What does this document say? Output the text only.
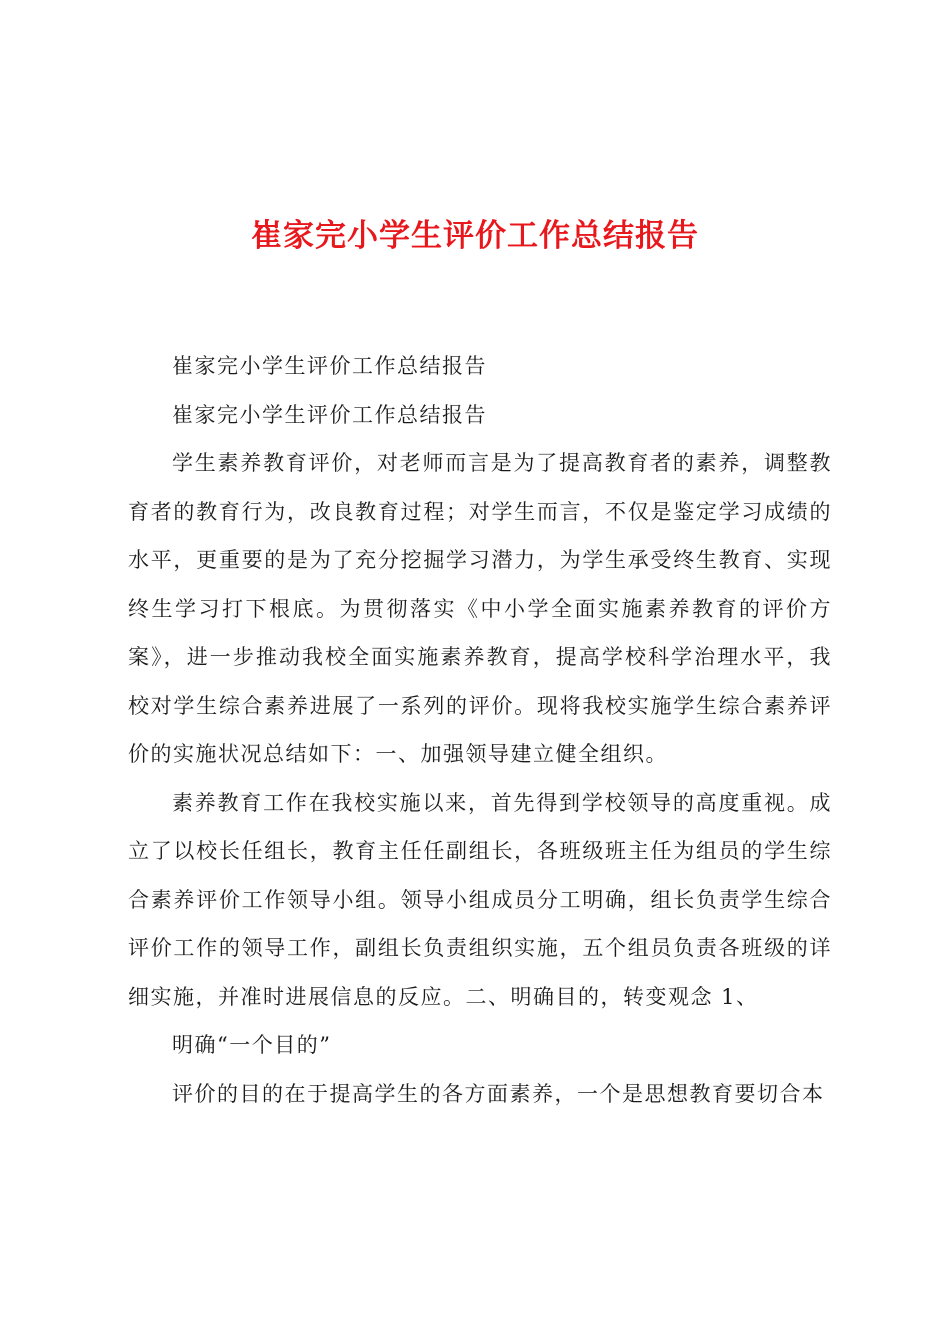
崔家完小学生评价工作总结报告

崔家完小学生评价工作总结报告

崔家完小学生评价工作总结报告

学生素养教育评价，对老师而言是为了提高教育者的素养，调整教育者的教育行为，改良教育过程；对学生而言，不仅是鉴定学习成绩的水平，更重要的是为了充分挖掘学习潜力，为学生承受终生教育、实现终生学习打下根底。为贯彻落实《中小学全面实施素养教育的评价方案》，进一步推动我校全面实施素养教育，提高学校科学治理水平，我校对学生综合素养进展了一系列的评价。现将我校实施学生综合素养评价的实施状况总结如下：一、加强领导建立健全组织。

素养教育工作在我校实施以来，首先得到学校领导的高度重视。成立了以校长任组长，教育主任任副组长，各班级班主任为组员的学生综合素养评价工作领导小组。领导小组成员分工明确，组长负责学生综合评价工作的领导工作，副组长负责组织实施，五个组员负责各班级的详细实施，并准时进展信息的反应。二、明确目的，转变观念 1、

明确“一个目的”

评价的目的在于提高学生的各方面素养，一个是思想教育要切合本
